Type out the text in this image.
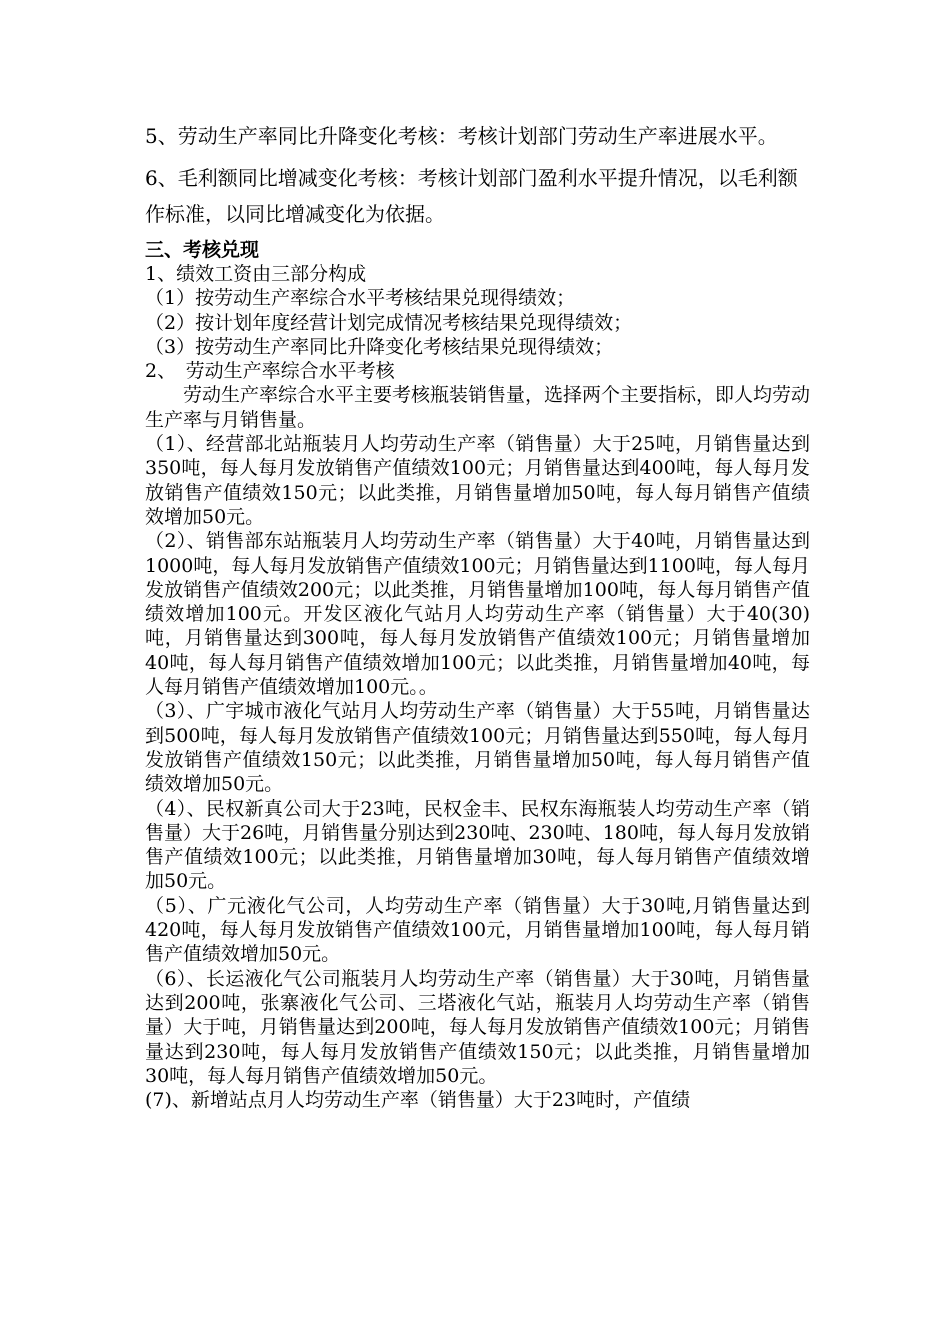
5、劳动生产率同比升降变化考核：考核计划部门劳动生产率进展水平。

6、毛利额同比增减变化考核：考核计划部门盈利水平提升情况，以毛利额作标准，以同比增减变化为依据。

三、考核兑现

1、绩效工资由三部分构成

（1）按劳动生产率综合水平考核结果兑现得绩效；

（2）按计划年度经营计划完成情况考核结果兑现得绩效；

（3）按劳动生产率同比升降变化考核结果兑现得绩效；

2、　劳动生产率综合水平考核

劳动生产率综合水平主要考核瓶装销售量，选择两个主要指标，即人均劳动生产率与月销售量。

（1）、经营部北站瓶装月人均劳动生产率（销售量）大于25吨，月销售量达到350吨，每人每月发放销售产值绩效100元；月销售量达到400吨，每人每月发放销售产值绩效150元；以此类推，月销售量增加50吨，每人每月销售产值绩效增加50元。

（2）、销售部东站瓶装月人均劳动生产率（销售量）大于40吨，月销售量达到1000吨，每人每月发放销售产值绩效100元；月销售量达到1100吨，每人每月发放销售产值绩效200元；以此类推，月销售量增加100吨，每人每月销售产值绩效增加100元。开发区液化气站月人均劳动生产率（销售量）大于40(30)吨，月销售量达到300吨，每人每月发放销售产值绩效100元；月销售量增加40吨，每人每月销售产值绩效增加100元；以此类推，月销售量增加40吨，每人每月销售产值绩效增加100元。。

（3）、广宇城市液化气站月人均劳动生产率（销售量）大于55吨，月销售量达到500吨，每人每月发放销售产值绩效100元；月销售量达到550吨，每人每月发放销售产值绩效150元；以此类推，月销售量增加50吨，每人每月销售产值绩效增加50元。

（4）、民权新真公司大于23吨，民权金丰、民权东海瓶装人均劳动生产率（销售量）大于26吨，月销售量分别达到230吨、230吨、180吨，每人每月发放销售产值绩效100元；以此类推，月销售量增加30吨，每人每月销售产值绩效增加50元。

（5）、广元液化气公司，人均劳动生产率（销售量）大于30吨,月销售量达到420吨，每人每月发放销售产值绩效100元，月销售量增加100吨，每人每月销售产值绩效增加50元。

（6）、长运液化气公司瓶装月人均劳动生产率（销售量）大于30吨，月销售量达到200吨，张寨液化气公司、三塔液化气站，瓶装月人均劳动生产率（销售量）大于吨，月销售量达到200吨，每人每月发放销售产值绩效100元；月销售量达到230吨，每人每月发放销售产值绩效150元；以此类推，月销售量增加30吨，每人每月销售产值绩效增加50元。

(7)、新增站点月人均劳动生产率（销售量）大于23吨时，产值绩
